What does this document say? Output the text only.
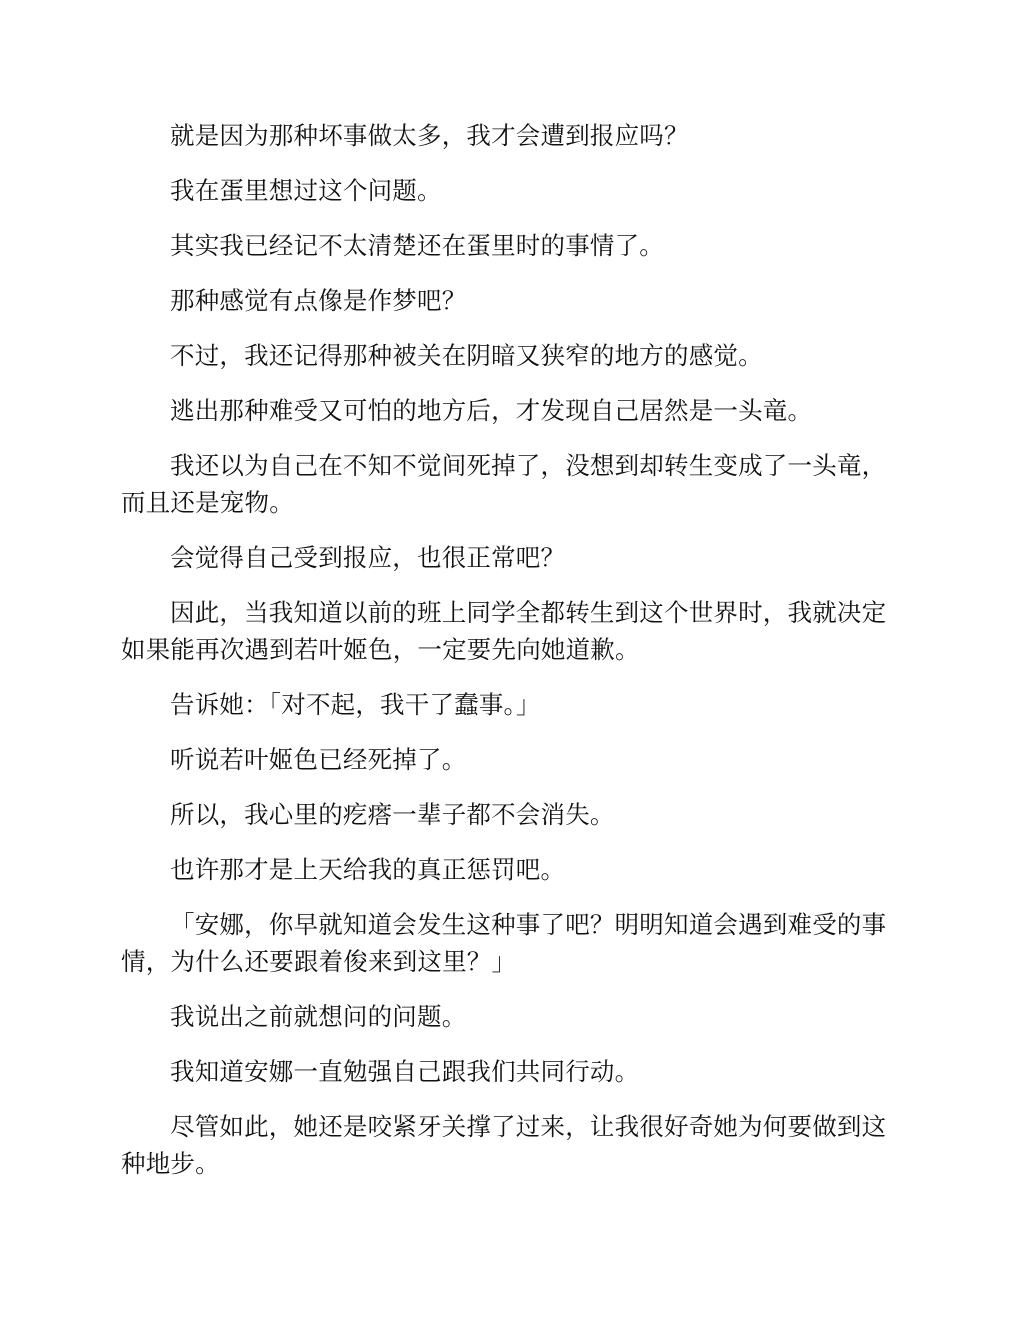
就是因为那种坏事做太多，我才会遭到报应吗？

我在蛋里想过这个问题。

其实我已经记不太清楚还在蛋里时的事情了。

那种感觉有点像是作梦吧？

不过，我还记得那种被关在阴暗又狭窄的地方的感觉。

逃出那种难受又可怕的地方后，才发现自己居然是一头竜。

我还以为自己在不知不觉间死掉了，没想到却转生变成了一头竜，而且还是宠物。

会觉得自己受到报应，也很正常吧？

因此，当我知道以前的班上同学全都转生到这个世界时，我就决定如果能再次遇到若叶姬色，一定要先向她道歉。

告诉她：「对不起，我干了蠢事。」

听说若叶姬色已经死掉了。

所以，我心里的疙瘩一辈子都不会消失。

也许那才是上天给我的真正惩罚吧。

「安娜，你早就知道会发生这种事了吧？明明知道会遇到难受的事情，为什么还要跟着俊来到这里？」

我说出之前就想问的问题。

我知道安娜一直勉强自己跟我们共同行动。

尽管如此，她还是咬紧牙关撑了过来，让我很好奇她为何要做到这种地步。
